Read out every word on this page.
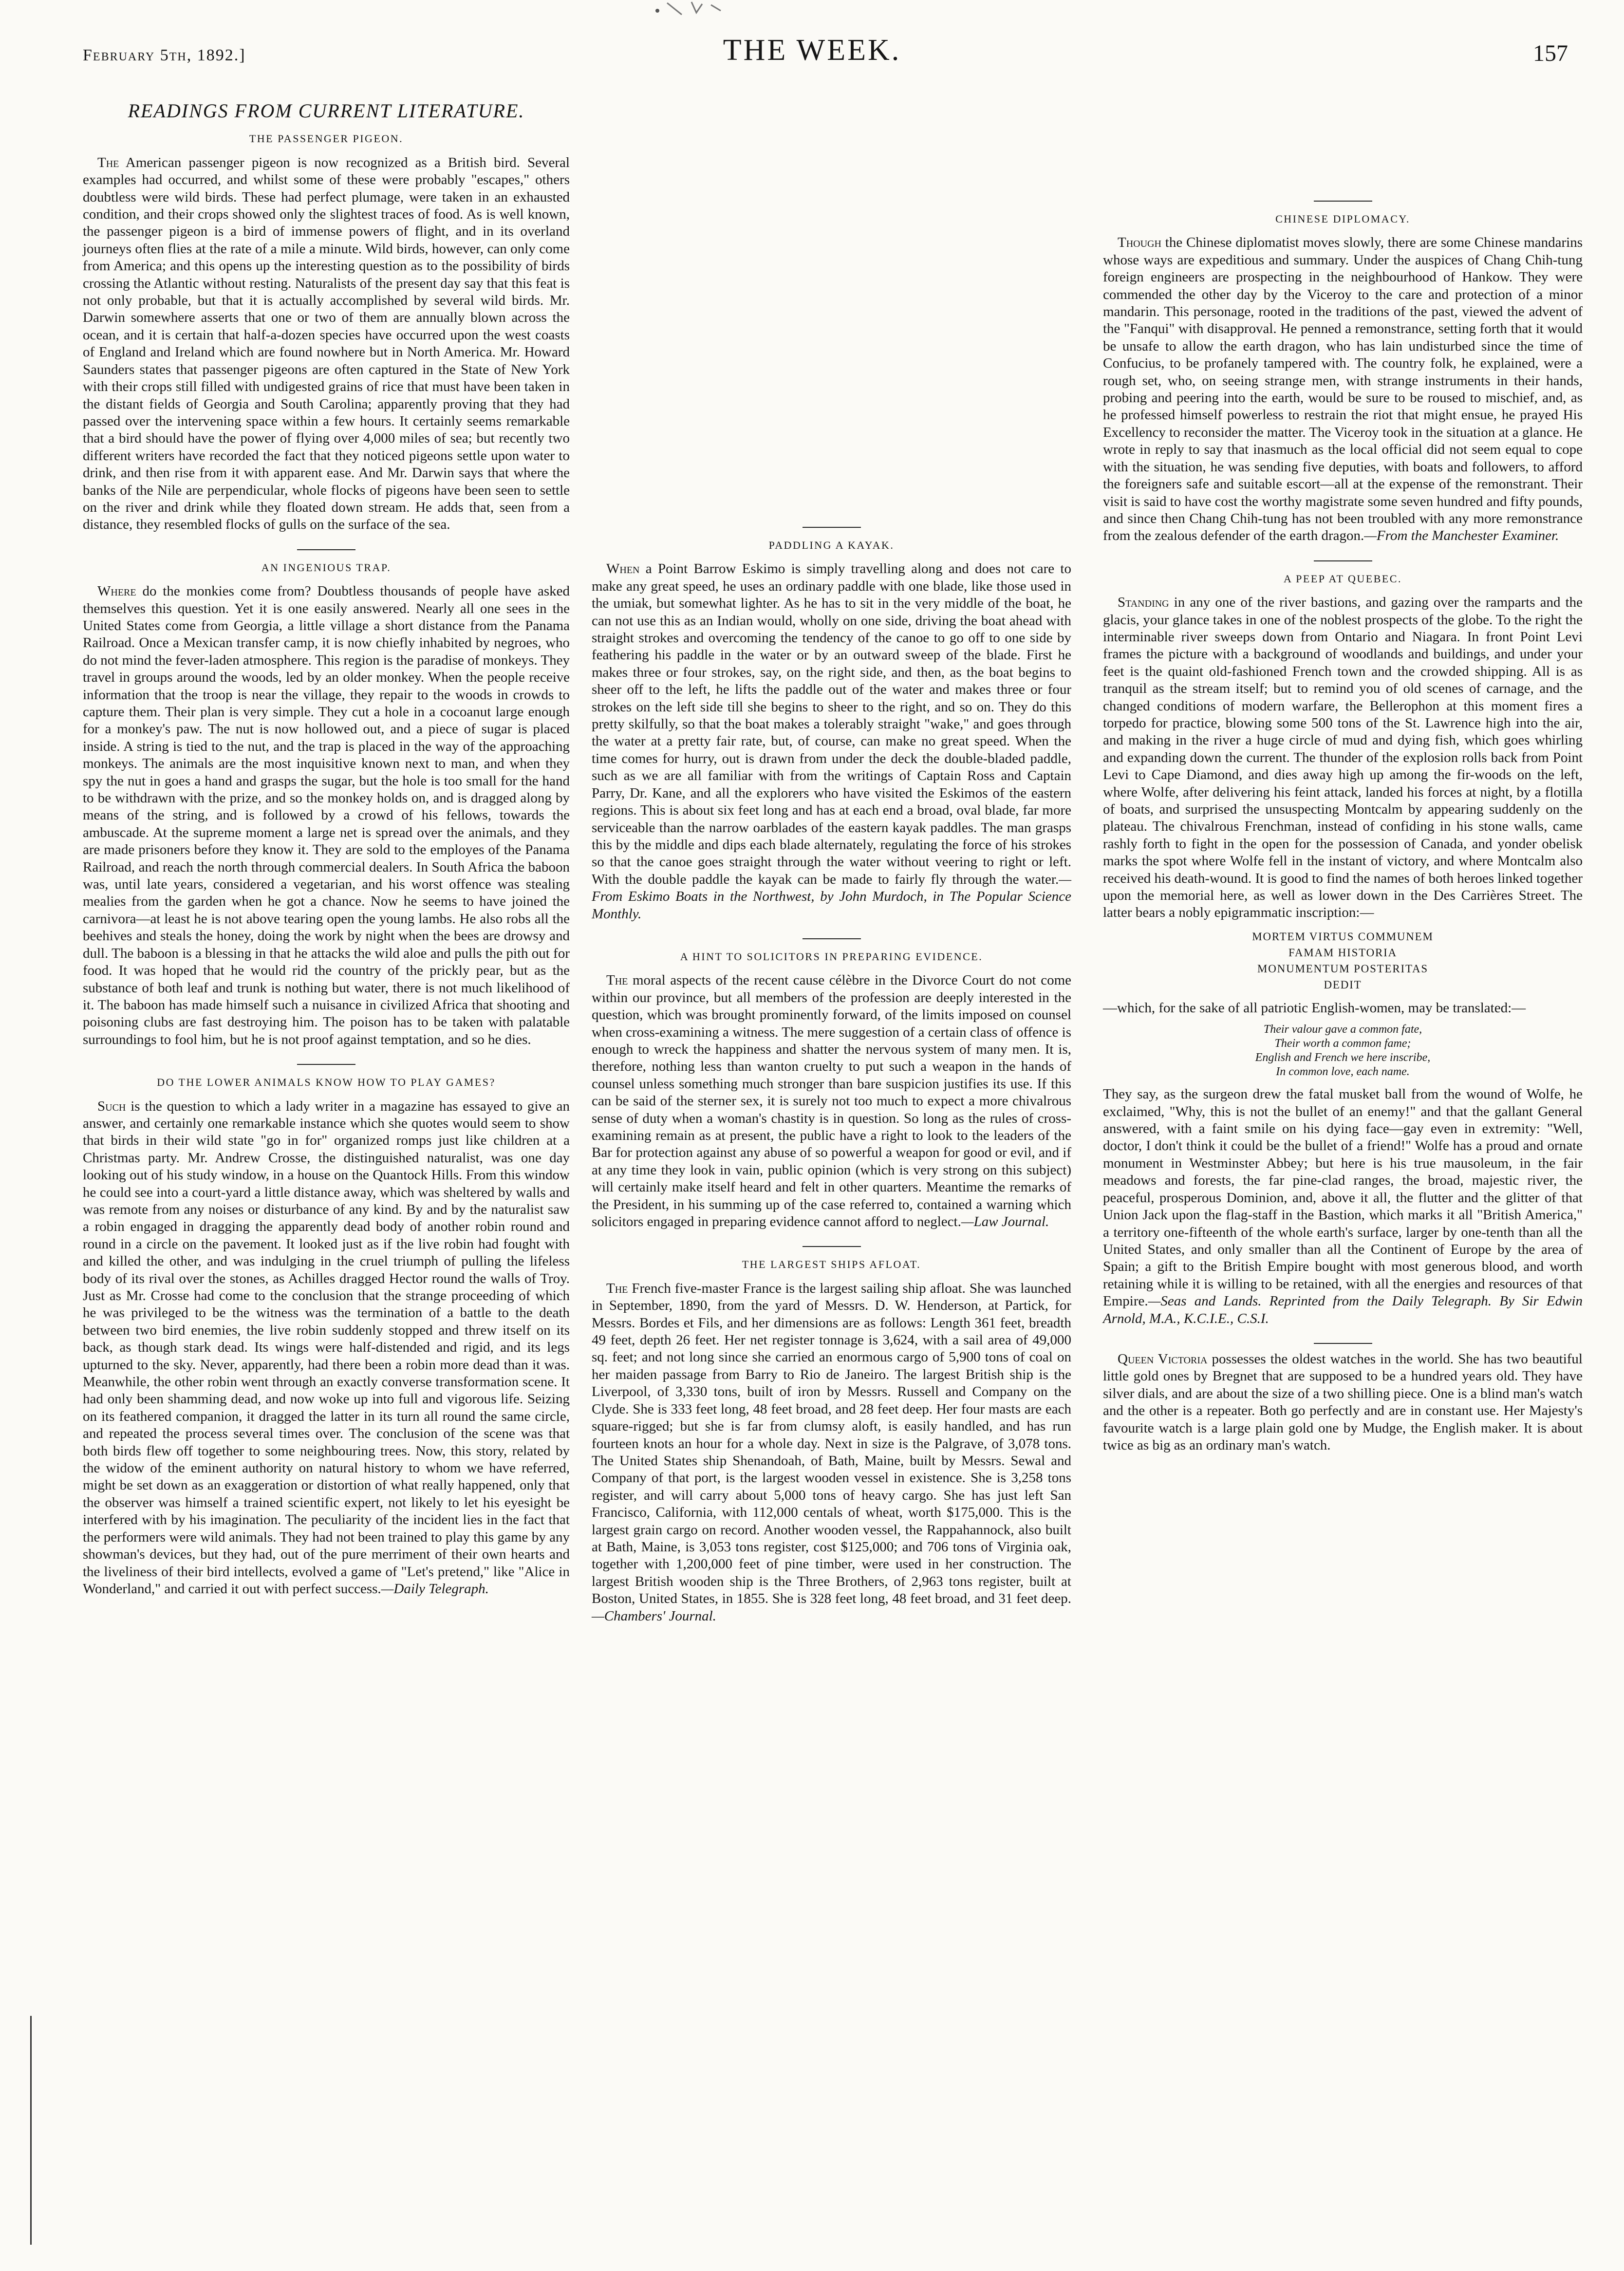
February 5th, 1892.]	THE WEEK.	157
READINGS FROM CURRENT LITERATURE.
THE PASSENGER PIGEON.

The American passenger pigeon is now recognized as a British bird. Several examples had occurred, and whilst some of these were probably "escapes," others doubtless were wild birds. These had perfect plumage, were taken in an exhausted condition, and their crops showed only the slightest traces of food. As is well known, the passenger pigeon is a bird of immense powers of flight, and in its overland journeys often flies at the rate of a mile a minute. Wild birds, however, can only come from America; and this opens up the interesting question as to the possibility of birds crossing the Atlantic without resting. Naturalists of the present day say that this feat is not only probable, but that it is actually accomplished by several wild birds. Mr. Darwin somewhere asserts that one or two of them are annually blown across the ocean, and it is certain that half-a-dozen species have occurred upon the west coasts of England and Ireland which are found nowhere but in North America. Mr. Howard Saunders states that passenger pigeons are often captured in the State of New York with their crops still filled with undigested grains of rice that must have been taken in the distant fields of Georgia and South Carolina; apparently proving that they had passed over the intervening space within a few hours. It certainly seems remarkable that a bird should have the power of flying over 4,000 miles of sea; but recently two different writers have recorded the fact that they noticed pigeons settle upon water to drink, and then rise from it with apparent ease. And Mr. Darwin says that where the banks of the Nile are perpendicular, whole flocks of pigeons have been seen to settle on the river and drink while they floated down stream. He adds that, seen from a distance, they resembled flocks of gulls on the surface of the sea.

AN INGENIOUS TRAP.

Where do the monkies come from? Doubtless thousands of people have asked themselves this question. Yet it is one easily answered. Nearly all one sees in the United States come from Georgia, a little village a short distance from the Panama Railroad. Once a Mexican transfer camp, it is now chiefly inhabited by negroes, who do not mind the fever-laden atmosphere. This region is the paradise of monkeys. They travel in groups around the woods, led by an older monkey. When the people receive information that the troop is near the village, they repair to the woods in crowds to capture them. Their plan is very simple. They cut a hole in a cocoanut large enough for a monkey's paw. The nut is now hollowed out, and a piece of sugar is placed inside. A string is tied to the nut, and the trap is placed in the way of the approaching monkeys. The animals are the most inquisitive known next to man, and when they spy the nut in goes a hand and grasps the sugar, but the hole is too small for the hand to be withdrawn with the prize, and so the monkey holds on, and is dragged along by means of the string, and is followed by a crowd of his fellows, towards the ambuscade. At the supreme moment a large net is spread over the animals, and they are made prisoners before they know it. They are sold to the employes of the Panama Railroad, and reach the north through commercial dealers. In South Africa the baboon was, until late years, considered a vegetarian, and his worst offence was stealing mealies from the garden when he got a chance. Now he seems to have joined the carnivora—at least he is not above tearing open the young lambs. He also robs all the beehives and steals the honey, doing the work by night when the bees are drowsy and dull. The baboon is a blessing in that he attacks the wild aloe and pulls the pith out for food. It was hoped that he would rid the country of the prickly pear, but as the substance of both leaf and trunk is nothing but water, there is not much likelihood of it. The baboon has made himself such a nuisance in civilized Africa that shooting and poisoning clubs are fast destroying him. The poison has to be taken with palatable surroundings to fool him, but he is not proof against temptation, and so he dies.

DO THE LOWER ANIMALS KNOW HOW TO PLAY GAMES?

Such is the question to which a lady writer in a magazine has essayed to give an answer, and certainly one remarkable instance which she quotes would seem to show that birds in their wild state "go in for" organized romps just like children at a Christmas party. Mr. Andrew Crosse, the distinguished naturalist, was one day looking out of his study window, in a house on the Quantock Hills. From this window he could see into a court-yard a little distance away, which was sheltered by walls and was remote from any noises or disturbance of any kind. By and by the naturalist saw a robin engaged in dragging the apparently dead body of another robin round and round in a circle on the pavement. It looked just as if the live robin had fought with and killed the other, and was indulging in the cruel triumph of pulling the lifeless body of its rival over the stones, as Achilles dragged Hector round the walls of Troy. Just as Mr. Crosse had come to the conclusion that the strange proceeding of which he was privileged to be the witness was the termination of a battle to the death between two bird enemies, the live robin suddenly stopped and threw itself on its back, as though stark dead. Its wings were half-distended and rigid, and its legs upturned to the sky. Never, apparently, had there been a robin more dead than it was. Meanwhile, the other robin went through an exactly converse transformation scene. It had only been shamming dead, and now woke up into full and vigorous life. Seizing on its feathered companion, it dragged the latter in its turn all round the same circle, and repeated the process several times over. The conclusion of the scene was that both birds flew off together to some neighbouring trees. Now, this story, related by the widow of the eminent authority on natural history to whom we have referred, might be set down as an exaggeration or distortion of what really happened, only that the observer was himself a trained scientific expert, not likely to let his eyesight be interfered with by his imagination. The peculiarity of the incident lies in the fact that the performers were wild animals. They had not been trained to play this game by any showman's devices, but they had, out of the pure merriment of their own hearts and the liveliness of their bird intellects, evolved a game of "Let's pretend," like "Alice in Wonderland," and carried it out with perfect success.—Daily Telegraph.

PADDLING A KAYAK.

When a Point Barrow Eskimo is simply travelling along and does not care to make any great speed, he uses an ordinary paddle with one blade, like those used in the umiak, but somewhat lighter. As he has to sit in the very middle of the boat, he can not use this as an Indian would, wholly on one side, driving the boat ahead with straight strokes and overcoming the tendency of the canoe to go off to one side by feathering his paddle in the water or by an outward sweep of the blade. First he makes three or four strokes, say, on the right side, and then, as the boat begins to sheer off to the left, he lifts the paddle out of the water and makes three or four strokes on the left side till she begins to sheer to the right, and so on. They do this pretty skilfully, so that the boat makes a tolerably straight "wake," and goes through the water at a pretty fair rate, but, of course, can make no great speed. When the time comes for hurry, out is drawn from under the deck the double-bladed paddle, such as we are all familiar with from the writings of Captain Ross and Captain Parry, Dr. Kane, and all the explorers who have visited the Eskimos of the eastern regions. This is about six feet long and has at each end a broad, oval blade, far more serviceable than the narrow oarblades of the eastern kayak paddles. The man grasps this by the middle and dips each blade alternately, regulating the force of his strokes so that the canoe goes straight through the water without veering to right or left. With the double paddle the kayak can be made to fairly fly through the water.—From Eskimo Boats in the Northwest, by John Murdoch, in The Popular Science Monthly.

A HINT TO SOLICITORS IN PREPARING EVIDENCE.

The moral aspects of the recent cause célèbre in the Divorce Court do not come within our province, but all members of the profession are deeply interested in the question, which was brought prominently forward, of the limits imposed on counsel when cross-examining a witness. The mere suggestion of a certain class of offence is enough to wreck the happiness and shatter the nervous system of many men. It is, therefore, nothing less than wanton cruelty to put such a weapon in the hands of counsel unless something much stronger than bare suspicion justifies its use. If this can be said of the sterner sex, it is surely not too much to expect a more chivalrous sense of duty when a woman's chastity is in question. So long as the rules of cross-examining remain as at present, the public have a right to look to the leaders of the Bar for protection against any abuse of so powerful a weapon for good or evil, and if at any time they look in vain, public opinion (which is very strong on this subject) will certainly make itself heard and felt in other quarters. Meantime the remarks of the President, in his summing up of the case referred to, contained a warning which solicitors engaged in preparing evidence cannot afford to neglect.—Law Journal.

THE LARGEST SHIPS AFLOAT.

The French five-master France is the largest sailing ship afloat. She was launched in September, 1890, from the yard of Messrs. D. W. Henderson, at Partick, for Messrs. Bordes et Fils, and her dimensions are as follows: Length 361 feet, breadth 49 feet, depth 26 feet. Her net register tonnage is 3,624, with a sail area of 49,000 sq. feet; and not long since she carried an enormous cargo of 5,900 tons of coal on her maiden passage from Barry to Rio de Janeiro. The largest British ship is the Liverpool, of 3,330 tons, built of iron by Messrs. Russell and Company on the Clyde. She is 333 feet long, 48 feet broad, and 28 feet deep. Her four masts are each square-rigged; but she is far from clumsy aloft, is easily handled, and has run fourteen knots an hour for a whole day. Next in size is the Palgrave, of 3,078 tons. The United States ship Shenandoah, of Bath, Maine, built by Messrs. Sewal and Company of that port, is the largest wooden vessel in existence. She is 3,258 tons register, and will carry about 5,000 tons of heavy cargo. She has just left San Francisco, California, with 112,000 centals of wheat, worth $175,000. This is the largest grain cargo on record. Another wooden vessel, the Rappahannock, also built at Bath, Maine, is 3,053 tons register, cost $125,000; and 706 tons of Virginia oak, together with 1,200,000 feet of pine timber, were used in her construction. The largest British wooden ship is the Three Brothers, of 2,963 tons register, built at Boston, United States, in 1855. She is 328 feet long, 48 feet broad, and 31 feet deep.—Chambers' Journal.

CHINESE DIPLOMACY.

Though the Chinese diplomatist moves slowly, there are some Chinese mandarins whose ways are expeditious and summary. Under the auspices of Chang Chih-tung foreign engineers are prospecting in the neighbourhood of Hankow. They were commended the other day by the Viceroy to the care and protection of a minor mandarin. This personage, rooted in the traditions of the past, viewed the advent of the "Fanqui" with disapproval. He penned a remonstrance, setting forth that it would be unsafe to allow the earth dragon, who has lain undisturbed since the time of Confucius, to be profanely tampered with. The country folk, he explained, were a rough set, who, on seeing strange men, with strange instruments in their hands, probing and peering into the earth, would be sure to be roused to mischief, and, as he professed himself powerless to restrain the riot that might ensue, he prayed His Excellency to reconsider the matter. The Viceroy took in the situation at a glance. He wrote in reply to say that inasmuch as the local official did not seem equal to cope with the situation, he was sending five deputies, with boats and followers, to afford the foreigners safe and suitable escort—all at the expense of the remonstrant. Their visit is said to have cost the worthy magistrate some seven hundred and fifty pounds, and since then Chang Chih-tung has not been troubled with any more remonstrance from the zealous defender of the earth dragon.—From the Manchester Examiner.

A PEEP AT QUEBEC.

Standing in any one of the river bastions, and gazing over the ramparts and the glacis, your glance takes in one of the noblest prospects of the globe. To the right the interminable river sweeps down from Ontario and Niagara. In front Point Levi frames the picture with a background of woodlands and buildings, and under your feet is the quaint old-fashioned French town and the crowded shipping. All is as tranquil as the stream itself; but to remind you of old scenes of carnage, and the changed conditions of modern warfare, the Bellerophon at this moment fires a torpedo for practice, blowing some 500 tons of the St. Lawrence high into the air, and making in the river a huge circle of mud and dying fish, which goes whirling and expanding down the current. The thunder of the explosion rolls back from Point Levi to Cape Diamond, and dies away high up among the fir-woods on the left, where Wolfe, after delivering his feint attack, landed his forces at night, by a flotilla of boats, and surprised the unsuspecting Montcalm by appearing suddenly on the plateau. The chivalrous Frenchman, instead of confiding in his stone walls, came rashly forth to fight in the open for the possession of Canada, and yonder obelisk marks the spot where Wolfe fell in the instant of victory, and where Montcalm also received his death-wound. It is good to find the names of both heroes linked together upon the memorial here, as well as lower down in the Des Carrières Street. The latter bears a nobly epigrammatic inscription:—

MORTEM VIRTUS COMMUNEM
FAMAM HISTORIA
MONUMENTUM POSTERITAS
DEDIT

—which, for the sake of all patriotic English-women, may be translated:—

Their valour gave a common fate,
Their worth a common fame;
English and French we here inscribe,
In common love, each name.

They say, as the surgeon drew the fatal musket ball from the wound of Wolfe, he exclaimed, "Why, this is not the bullet of an enemy!" and that the gallant General answered, with a faint smile on his dying face—gay even in extremity: "Well, doctor, I don't think it could be the bullet of a friend!" Wolfe has a proud and ornate monument in Westminster Abbey; but here is his true mausoleum, in the fair meadows and forests, the far pine-clad ranges, the broad, majestic river, the peaceful, prosperous Dominion, and, above it all, the flutter and the glitter of that Union Jack upon the flag-staff in the Bastion, which marks it all "British America," a territory one-fifteenth of the whole earth's surface, larger by one-tenth than all the United States, and only smaller than all the Continent of Europe by the area of Spain; a gift to the British Empire bought with most generous blood, and worth retaining while it is willing to be retained, with all the energies and resources of that Empire.—Seas and Lands. Reprinted from the Daily Telegraph. By Sir Edwin Arnold, M.A., K.C.I.E., C.S.I.

Queen Victoria possesses the oldest watches in the world. She has two beautiful little gold ones by Bregnet that are supposed to be a hundred years old. They have silver dials, and are about the size of a two shilling piece. One is a blind man's watch and the other is a repeater. Both go perfectly and are in constant use. Her Majesty's favourite watch is a large plain gold one by Mudge, the English maker. It is about twice as big as an ordinary man's watch.
